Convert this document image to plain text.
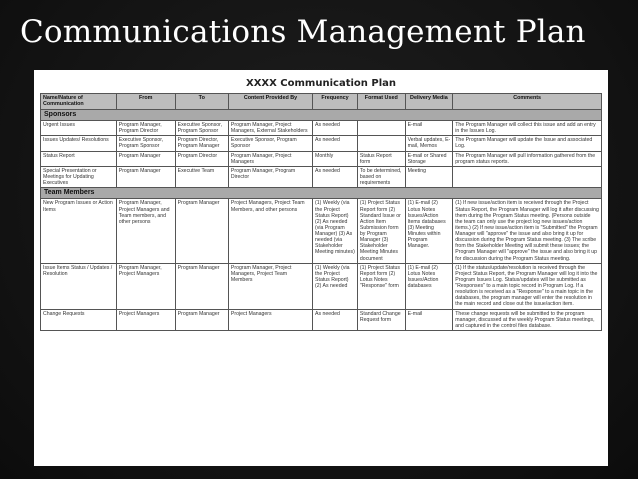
Communications Management Plan
XXXX Communication Plan
Name/Nature of Communication	From	To	Content Provided By	Frequency	Format Used	Delivery Media	Comments
Sponsors							
Urgent Issues	Program Manager, Program Director	Executive Sponsor, Program Sponsor	Program Manager, Project Managers, External Stakeholders	As needed		E-mail	The Program Manager will collect this issue and add an entry in the Issues Log.
Issues Updates/ Resolutions	Executive Sponsor, Program Sponsor	Program Director, Program Manager	Executive Sponsor, Program Sponsor	As needed		Verbal updates, E-mail, Memos	The Program Manager will update the Issue and associated Log.
Status Report	Program Manager	Program Director	Program Manager, Project Managers	Monthly	Status Report form	E-mail or Shared Storage	The Program Manager will pull information gathered from the program status reports.
Special Presentation or Meetings for Updating Executives	Program Manager	Executive Team	Program Manager, Program Director	As needed	To be determined, based on requirements	Meeting	
Team Members							
New Program Issues or Action Items	Program Manager, Project Managers and Team members, and other persons	Program Manager	Project Managers, Project Team Members, and other persons	(1) Weekly (via the Project Status Report) (2) As needed (via Program Manager) (3) As needed (via Stakeholder Meeting minutes)	(1) Project Status Report form (2) Standard Issue or Action Item Submission form by Program Manager (3) Stakeholder Meeting Minutes document	(1) E-mail (2) Lotus Notes Issues/Action Items databases (3) Meeting Minutes within Program Manager.	(1) If new issue/action item is received through the Project Status Report, the Program Manager will log it after discussing them during the Program Status meeting. (Persons outside the team can only use the project log new issues/action items.) (2) If new issue/action item is "Submitted" the Program Manager will "approve" the issue and also bring it up for discussion during the Program Status meeting. (3) The scribe from the Stakeholder Meeting will submit these issues; the Program Manager will "approve" the issue and also bring it up for discussion during the Program Status meeting.
Issue Items Status / Updates / Resolution	Program Manager, Project Managers	Program Manager	Program Manager, Project Managers, Project Team Members	(1) Weekly (via the Project Status Report) (2) As needed	(1) Project Status Report form (2) Lotus Notes "Response" form	(1) E-mail (2) Lotus Notes Issues/Action databases	(1) If the status/update/resolution is received through the Project Status Report, the Program Manager will log it into the Program Issues Log. Status/updates will be submitted as "Responses" to a main topic record in Program Log. If a resolution is received as a "Response" to a main topic in the databases, the program manager will enter the resolution in the main record and close out the issue/action item.
Change Requests	Project Managers	Program Manager	Project Managers	As needed	Standard Change Request form	E-mail	These change requests will be submitted to the program manager, discussed at the weekly Program Status meetings, and captured in the control files database.
